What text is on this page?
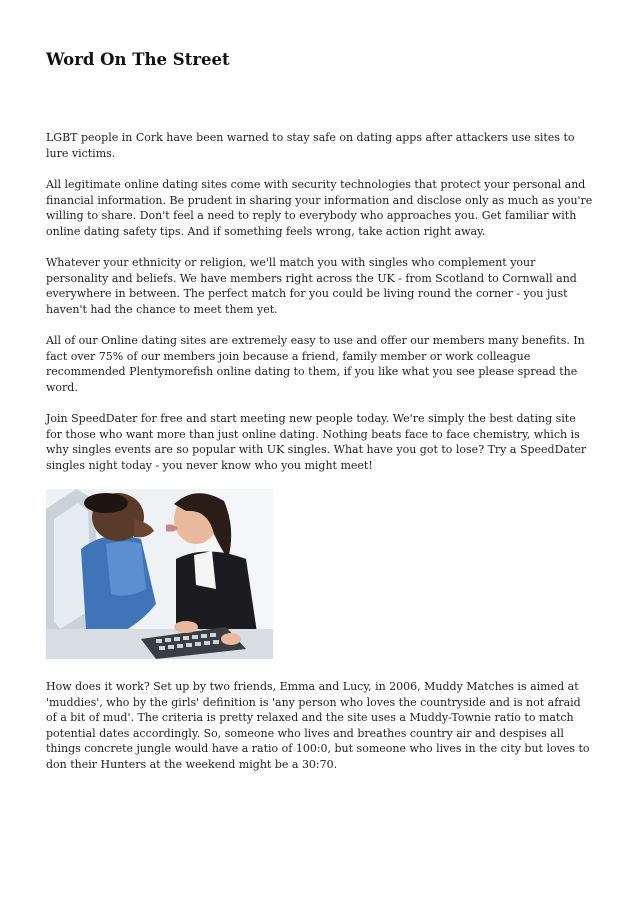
Word On The Street

LGBT people in Cork have been warned to stay safe on dating apps after attackers use sites to lure victims.

All legitimate online dating sites come with security technologies that protect your personal and financial information. Be prudent in sharing your information and disclose only as much as you're willing to share. Don't feel a need to reply to everybody who approaches you. Get familiar with online dating safety tips. And if something feels wrong, take action right away.

Whatever your ethnicity or religion, we'll match you with singles who complement your personality and beliefs. We have members right across the UK - from Scotland to Cornwall and everywhere in between. The perfect match for you could be living round the corner - you just haven't had the chance to meet them yet.

All of our Online dating sites are extremely easy to use and offer our members many benefits. In fact over 75% of our members join because a friend, family member or work colleague recommended Plentymorefish online dating to them, if you like what you see please spread the word.

Join SpeedDater for free and start meeting new people today. We're simply the best dating site for those who want more than just online dating. Nothing beats face to face chemistry, which is why singles events are so popular with UK singles. What have you got to lose? Try a SpeedDater singles night today - you never know who you might meet!

How does it work? Set up by two friends, Emma and Lucy, in 2006, Muddy Matches is aimed at 'muddies', who by the girls' definition is 'any person who loves the countryside and is not afraid of a bit of mud'. The criteria is pretty relaxed and the site uses a Muddy-Townie ratio to match potential dates accordingly. So, someone who lives and breathes country air and despises all things concrete jungle would have a ratio of 100:0, but someone who lives in the city but loves to don their Hunters at the weekend might be a 30:70.
